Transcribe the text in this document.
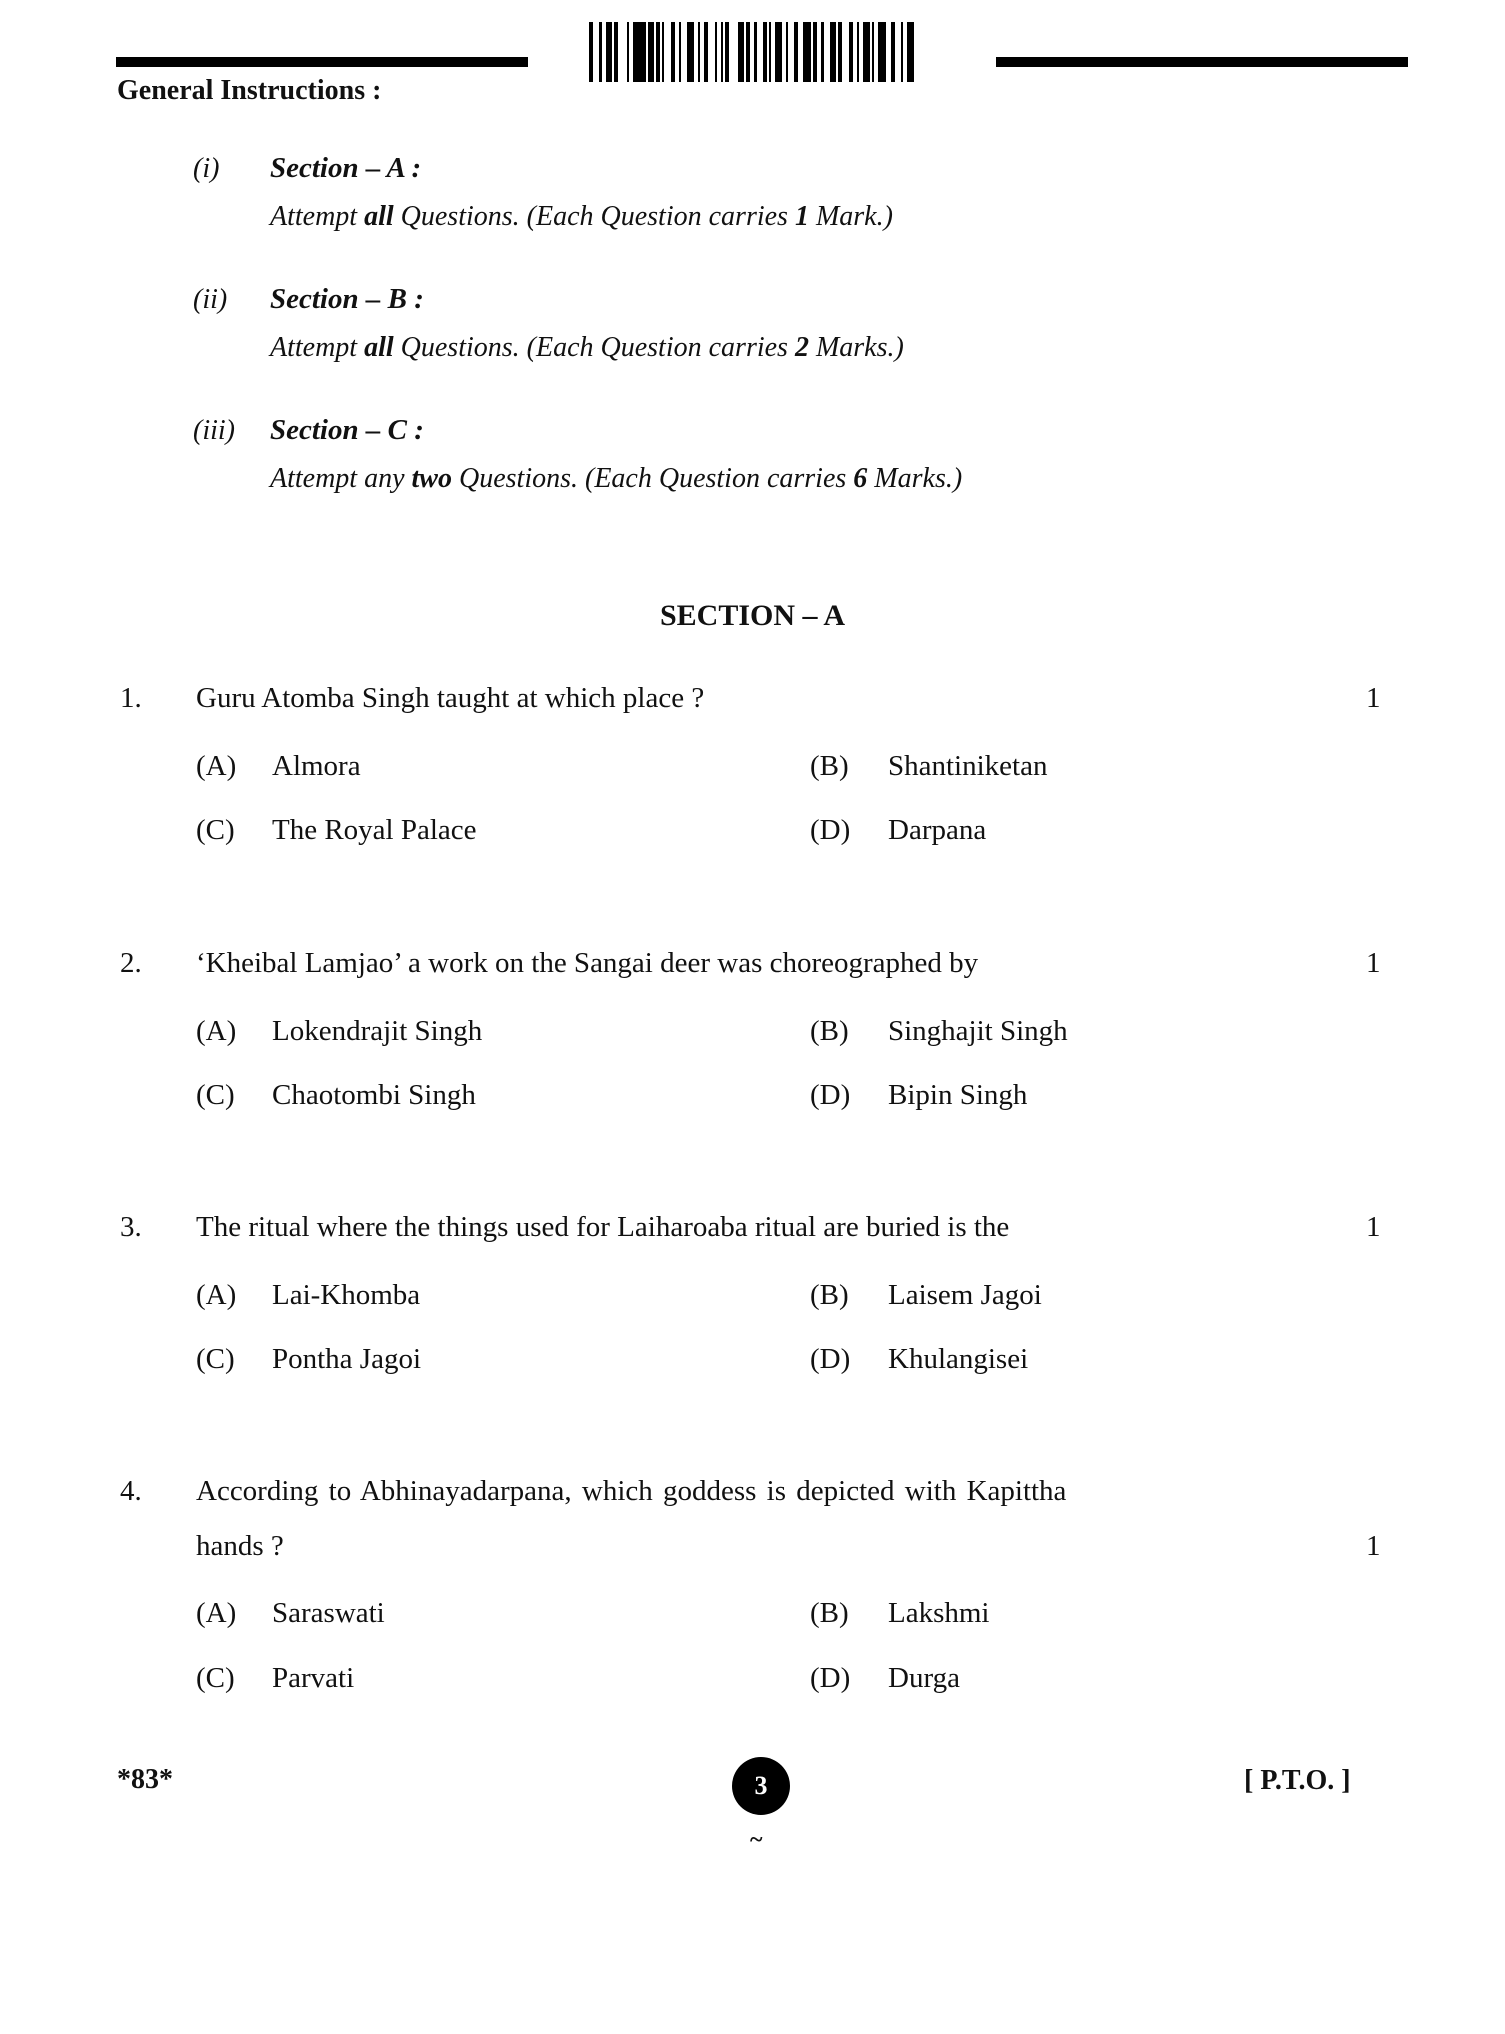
General Instructions :
(i) Section – A :
Attempt all Questions. (Each Question carries 1 Mark.)
(ii) Section – B :
Attempt all Questions. (Each Question carries 2 Marks.)
(iii) Section – C :
Attempt any two Questions. (Each Question carries 6 Marks.)
SECTION – A
1. Guru Atomba Singh taught at which place ?	1
(A) Almora	(B) Shantiniketan
(C) The Royal Palace	(D) Darpana
2. ‘Kheibal Lamjao’ a work on the Sangai deer was choreographed by	1
(A) Lokendrajit Singh	(B) Singhajit Singh
(C) Chaotombi Singh	(D) Bipin Singh
3. The ritual where the things used for Laiharoaba ritual are buried is the	1
(A) Lai-Khomba	(B) Laisem Jagoi
(C) Pontha Jagoi	(D) Khulangisei
4. According to Abhinayadarpana, which goddess is depicted with Kapittha
hands ?	1
(A) Saraswati	(B) Lakshmi
(C) Parvati	(D) Durga
*83*	3
~
[ P.T.O. ]
